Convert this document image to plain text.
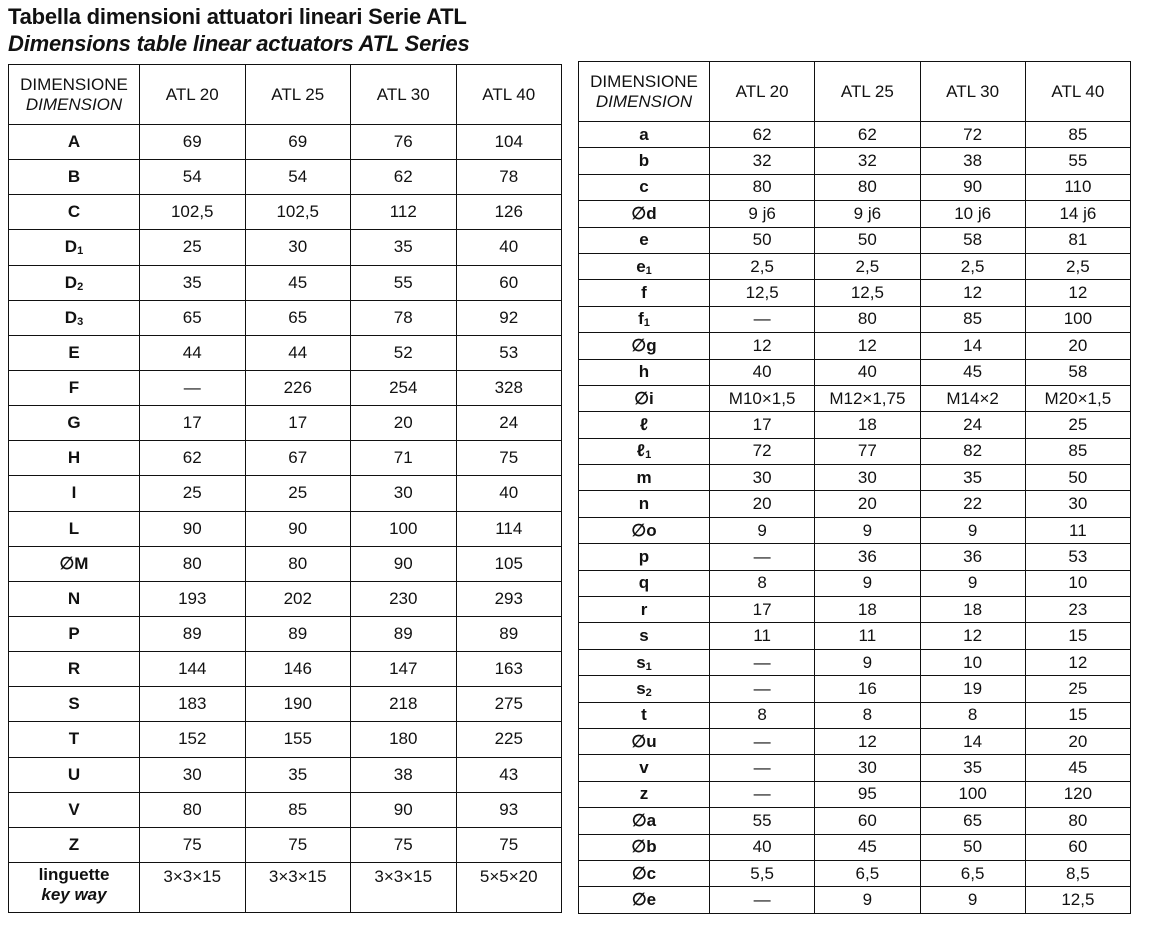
Tabella dimensioni attuatori lineari Serie ATL
Dimensions table linear actuators ATL Series
DIMENSIONE
DIMENSION	ATL 20	ATL 25	ATL 30	ATL 40
A	69	69	76	104
B	54	54	62	78
C	102,5	102,5	112	126
D1	25	30	35	40
D2	35	45	55	60
D3	65	65	78	92
E	44	44	52	53
F	—	226	254	328
G	17	17	20	24
H	62	67	71	75
I	25	25	30	40
L	90	90	100	114
∅M	80	80	90	105
N	193	202	230	293
P	89	89	89	89
R	144	146	147	163
S	183	190	218	275
T	152	155	180	225
U	30	35	38	43
V	80	85	90	93
Z	75	75	75	75
linguette
key way	3×3×15	3×3×15	3×3×15	5×5×20
DIMENSIONE
DIMENSION	ATL 20	ATL 25	ATL 30	ATL 40
a	62	62	72	85
b	32	32	38	55
c	80	80	90	110
∅d	9 j6	9 j6	10 j6	14 j6
e	50	50	58	81
e1	2,5	2,5	2,5	2,5
f	12,5	12,5	12	12
f1	—	80	85	100
∅g	12	12	14	20
h	40	40	45	58
∅i	M10×1,5	M12×1,75	M14×2	M20×1,5
ℓ	17	18	24	25
ℓ1	72	77	82	85
m	30	30	35	50
n	20	20	22	30
∅o	9	9	9	11
p	—	36	36	53
q	8	9	9	10
r	17	18	18	23
s	11	11	12	15
s1	—	9	10	12
s2	—	16	19	25
t	8	8	8	15
∅u	—	12	14	20
v	—	30	35	45
z	—	95	100	120
∅a	55	60	65	80
∅b	40	45	50	60
∅c	5,5	6,5	6,5	8,5
∅e	—	9	9	12,5
